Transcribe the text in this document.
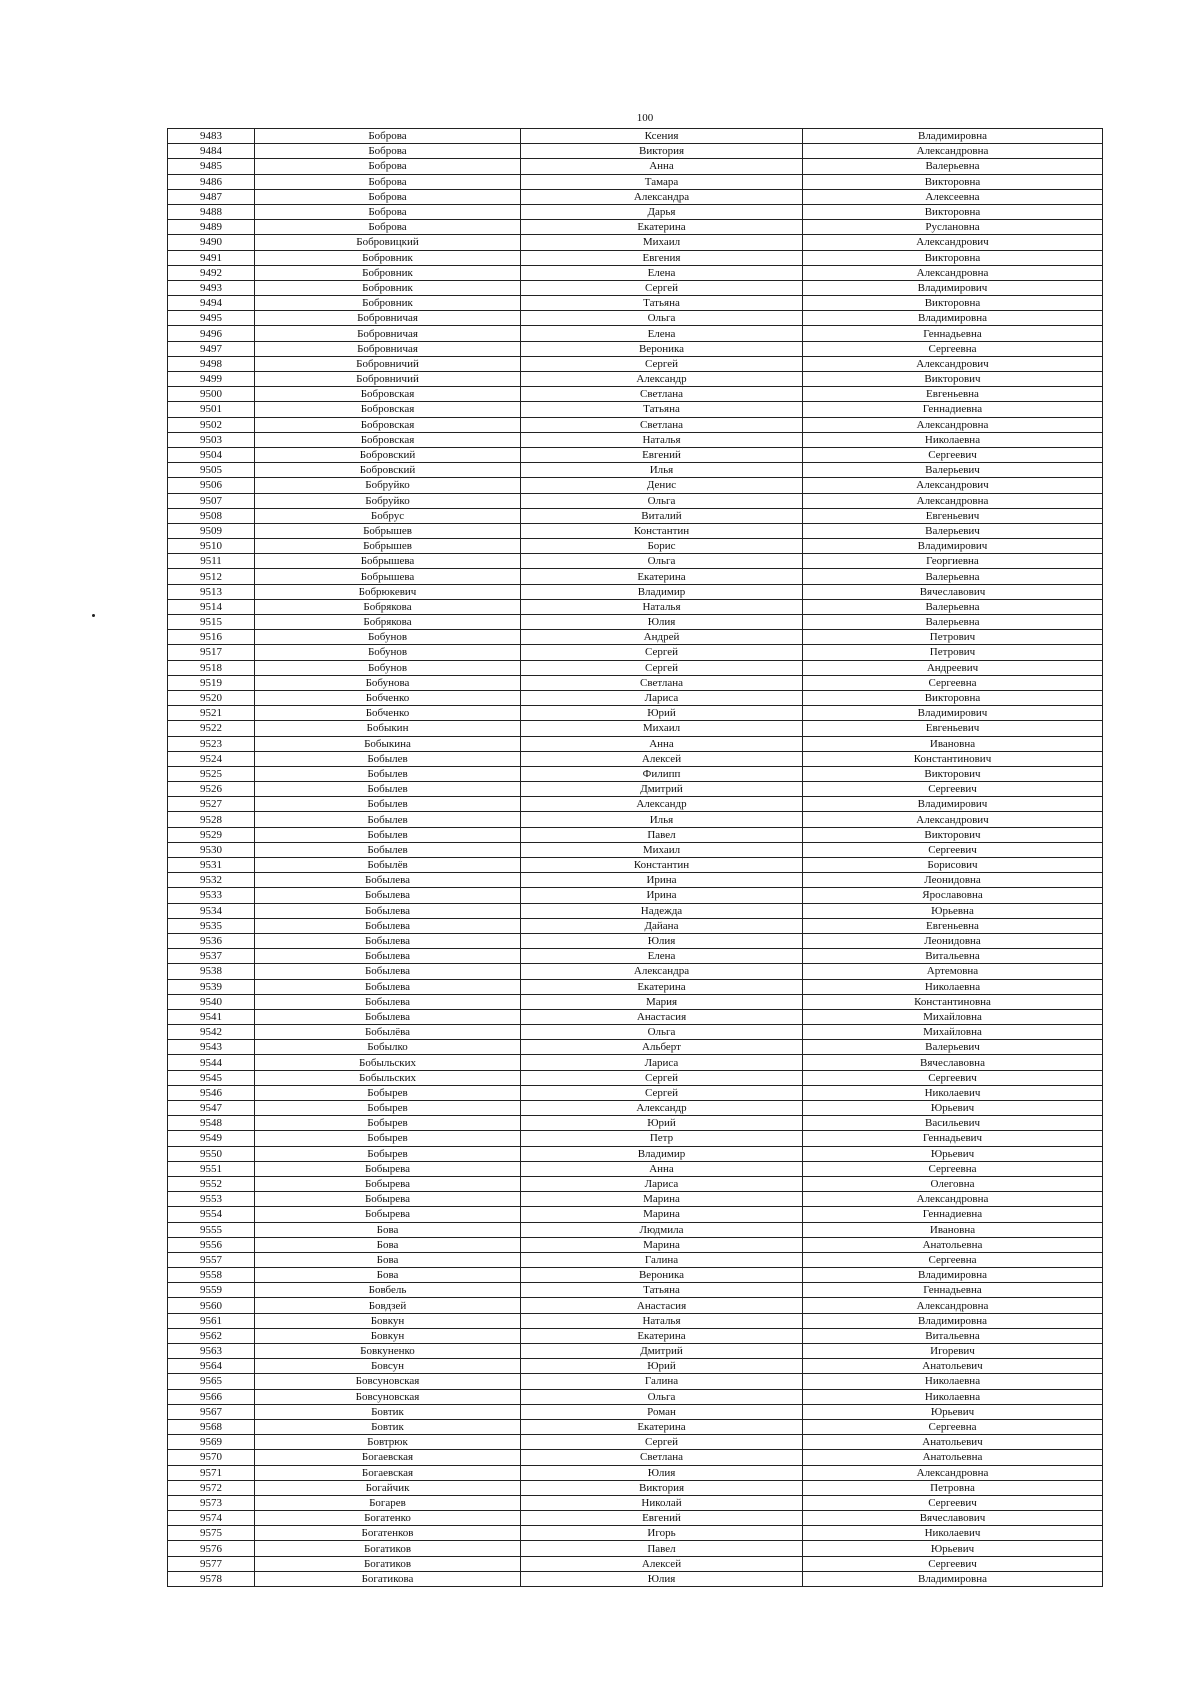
100
9483	Боброва	Ксения	Владимировна
9484	Боброва	Виктория	Александровна
9485	Боброва	Анна	Валерьевна
9486	Боброва	Тамара	Викторовна
9487	Боброва	Александра	Алексеевна
9488	Боброва	Дарья	Викторовна
9489	Боброва	Екатерина	Руслановна
9490	Бобровицкий	Михаил	Александрович
9491	Бобровник	Евгения	Викторовна
9492	Бобровник	Елена	Александровна
9493	Бобровник	Сергей	Владимирович
9494	Бобровник	Татьяна	Викторовна
9495	Бобровничая	Ольга	Владимировна
9496	Бобровничая	Елена	Геннадьевна
9497	Бобровничая	Вероника	Сергеевна
9498	Бобровничий	Сергей	Александрович
9499	Бобровничий	Александр	Викторович
9500	Бобровская	Светлана	Евгеньевна
9501	Бобровская	Татьяна	Геннадиевна
9502	Бобровская	Светлана	Александровна
9503	Бобровская	Наталья	Николаевна
9504	Бобровский	Евгений	Сергеевич
9505	Бобровский	Илья	Валерьевич
9506	Бобруйко	Денис	Александрович
9507	Бобруйко	Ольга	Александровна
9508	Бобрус	Виталий	Евгеньевич
9509	Бобрышев	Константин	Валерьевич
9510	Бобрышев	Борис	Владимирович
9511	Бобрышева	Ольга	Георгиевна
9512	Бобрышева	Екатерина	Валерьевна
9513	Бобрюкевич	Владимир	Вячеславович
9514	Бобрякова	Наталья	Валерьевна
9515	Бобрякова	Юлия	Валерьевна
9516	Бобунов	Андрей	Петрович
9517	Бобунов	Сергей	Петрович
9518	Бобунов	Сергей	Андреевич
9519	Бобунова	Светлана	Сергеевна
9520	Бобченко	Лариса	Викторовна
9521	Бобченко	Юрий	Владимирович
9522	Бобыкин	Михаил	Евгеньевич
9523	Бобыкина	Анна	Ивановна
9524	Бобылев	Алексей	Константинович
9525	Бобылев	Филипп	Викторович
9526	Бобылев	Дмитрий	Сергеевич
9527	Бобылев	Александр	Владимирович
9528	Бобылев	Илья	Александрович
9529	Бобылев	Павел	Викторович
9530	Бобылев	Михаил	Сергеевич
9531	Бобылёв	Константин	Борисович
9532	Бобылева	Ирина	Леонидовна
9533	Бобылева	Ирина	Ярославовна
9534	Бобылева	Надежда	Юрьевна
9535	Бобылева	Дайана	Евгеньевна
9536	Бобылева	Юлия	Леонидовна
9537	Бобылева	Елена	Витальевна
9538	Бобылева	Александра	Артемовна
9539	Бобылева	Екатерина	Николаевна
9540	Бобылева	Мария	Константиновна
9541	Бобылева	Анастасия	Михайловна
9542	Бобылёва	Ольга	Михайловна
9543	Бобылко	Альберт	Валерьевич
9544	Бобыльских	Лариса	Вячеславовна
9545	Бобыльских	Сергей	Сергеевич
9546	Бобырев	Сергей	Николаевич
9547	Бобырев	Александр	Юрьевич
9548	Бобырев	Юрий	Васильевич
9549	Бобырев	Петр	Геннадьевич
9550	Бобырев	Владимир	Юрьевич
9551	Бобырева	Анна	Сергеевна
9552	Бобырева	Лариса	Олеговна
9553	Бобырева	Марина	Александровна
9554	Бобырева	Марина	Геннадиевна
9555	Бова	Людмила	Ивановна
9556	Бова	Марина	Анатольевна
9557	Бова	Галина	Сергеевна
9558	Бова	Вероника	Владимировна
9559	Бовбель	Татьяна	Геннадьевна
9560	Бовдзей	Анастасия	Александровна
9561	Бовкун	Наталья	Владимировна
9562	Бовкун	Екатерина	Витальевна
9563	Бовкуненко	Дмитрий	Игоревич
9564	Бовсун	Юрий	Анатольевич
9565	Бовсуновская	Галина	Николаевна
9566	Бовсуновская	Ольга	Николаевна
9567	Бовтик	Роман	Юрьевич
9568	Бовтик	Екатерина	Сергеевна
9569	Бовтрюк	Сергей	Анатольевич
9570	Богаевская	Светлана	Анатольевна
9571	Богаевская	Юлия	Александровна
9572	Богайчик	Виктория	Петровна
9573	Богарев	Николай	Сергеевич
9574	Богатенко	Евгений	Вячеславович
9575	Богатенков	Игорь	Николаевич
9576	Богатиков	Павел	Юрьевич
9577	Богатиков	Алексей	Сергеевич
9578	Богатикова	Юлия	Владимировна
